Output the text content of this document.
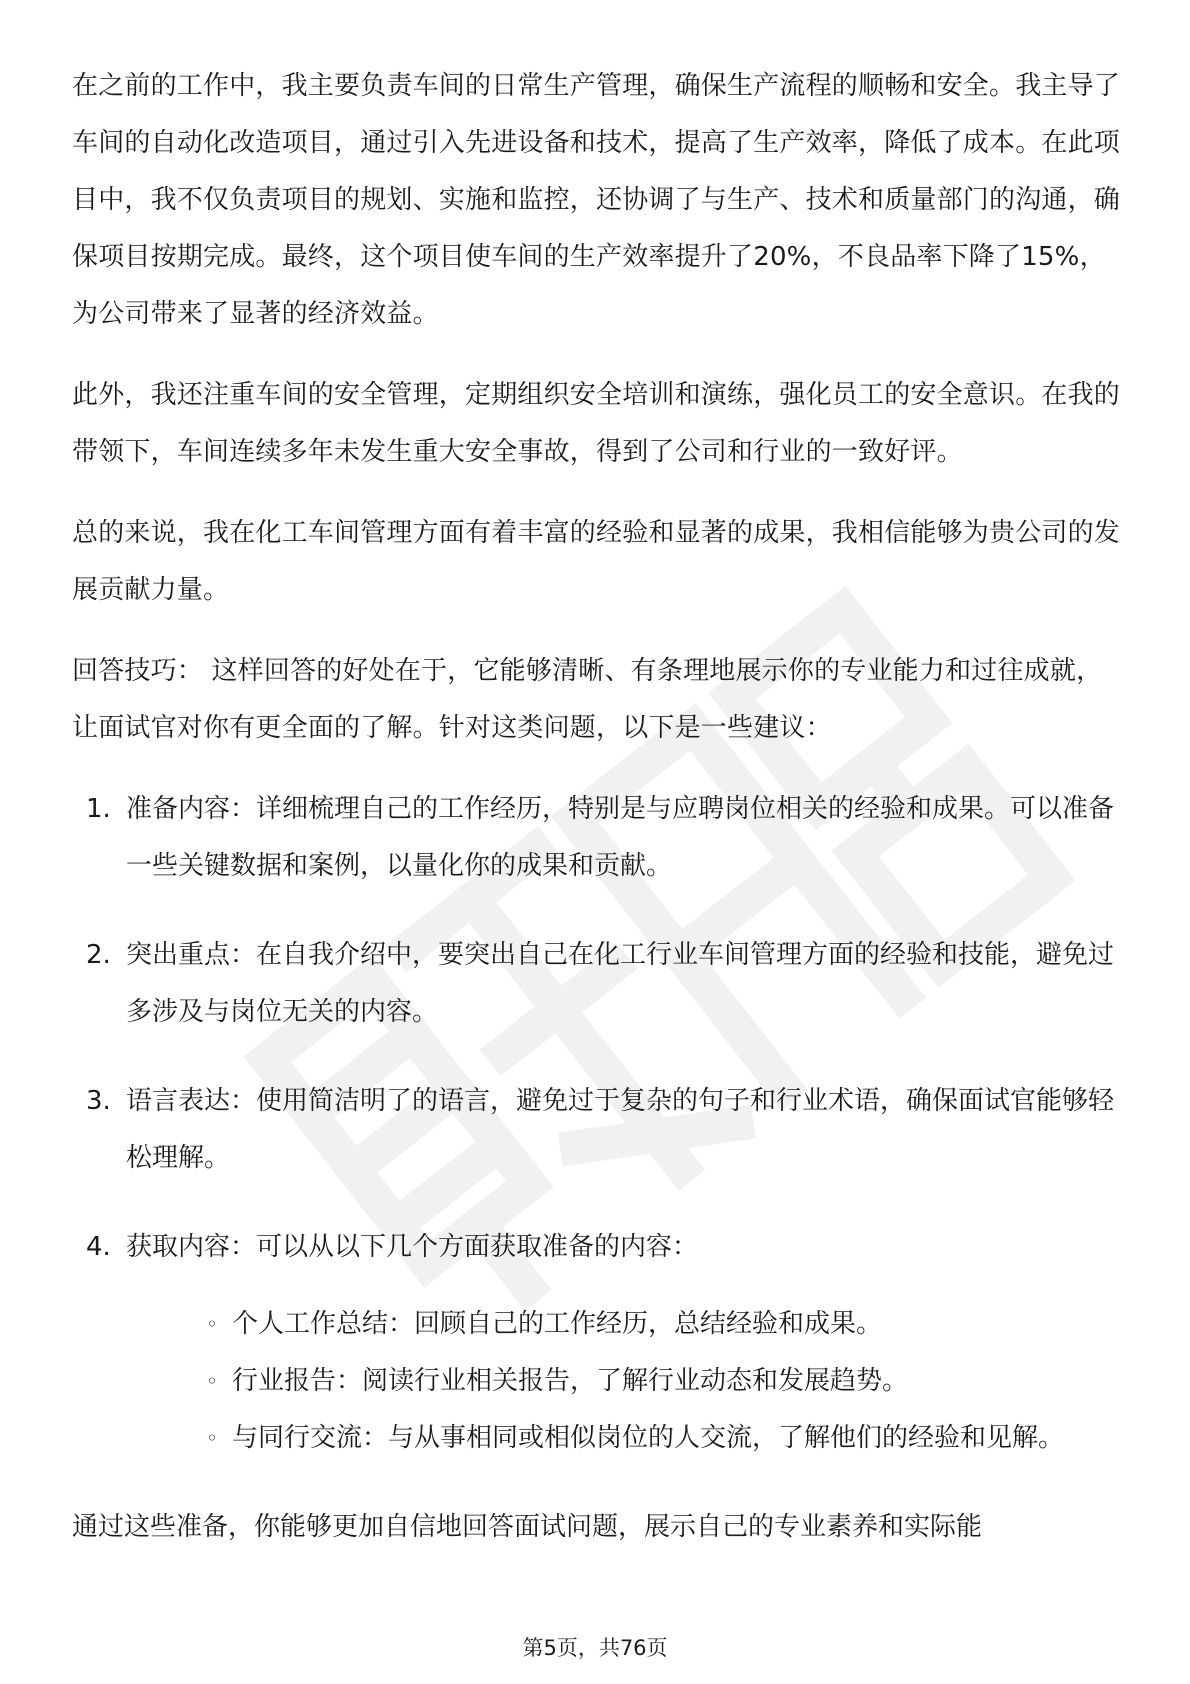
在之前的工作中，我主要负责车间的日常生产管理，确保生产流程的顺畅和安全。我主导了车间的自动化改造项目，通过引入先进设备和技术，提高了生产效率，降低了成本。在此项目中，我不仅负责项目的规划、实施和监控，还协调了与生产、技术和质量部门的沟通，确保项目按期完成。最终，这个项目使车间的生产效率提升了20%，不良品率下降了15%，为公司带来了显著的经济效益。

此外，我还注重车间的安全管理，定期组织安全培训和演练，强化员工的安全意识。在我的带领下，车间连续多年未发生重大安全事故，得到了公司和行业的一致好评。

总的来说，我在化工车间管理方面有着丰富的经验和显著的成果，我相信能够为贵公司的发展贡献力量。

回答技巧： 这样回答的好处在于，它能够清晰、有条理地展示你的专业能力和过往成就，让面试官对你有更全面的了解。针对这类问题，以下是一些建议：

1. 准备内容：详细梳理自己的工作经历，特别是与应聘岗位相关的经验和成果。可以准备一些关键数据和案例，以量化你的成果和贡献。
2. 突出重点：在自我介绍中，要突出自己在化工行业车间管理方面的经验和技能，避免过多涉及与岗位无关的内容。
3. 语言表达：使用简洁明了的语言，避免过于复杂的句子和行业术语，确保面试官能够轻松理解。
4. 获取内容：可以从以下几个方面获取准备的内容：
◦ 个人工作总结：回顾自己的工作经历，总结经验和成果。
◦ 行业报告：阅读行业相关报告，了解行业动态和发展趋势。
◦ 与同行交流：与从事相同或相似岗位的人交流，了解他们的经验和见解。

通过这些准备，你能够更加自信地回答面试问题，展示自己的专业素养和实际能

第5页，共76页
